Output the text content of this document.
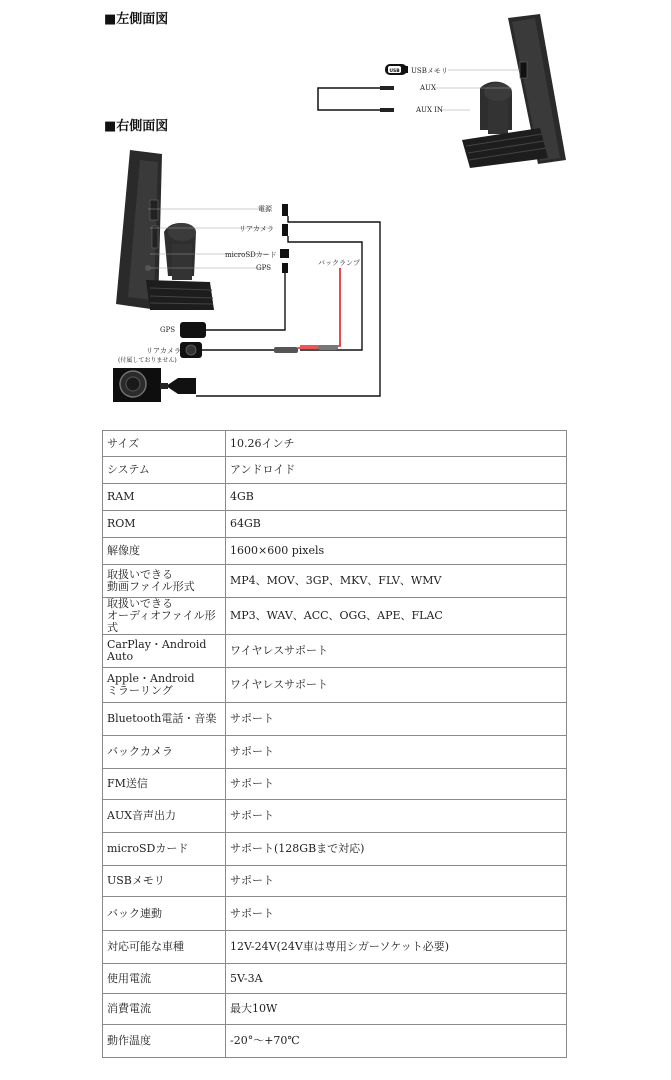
■左側面図
■右側面図
USB USBメモリ
AUX
AUX IN
電源
リアカメラ
microSDカード
GPS
バックランプ
GPS
リアカメラ
(付属しておりません)
サイズ	10.26インチ
システム	アンドロイド
RAM	4GB
ROM	64GB
解像度	1600×600 pixels
取扱いできる
動画ファイル形式	MP4、MOV、3GP、MKV、FLV、WMV
取扱いできる
オーディオファイル形式	MP3、WAV、ACC、OGG、APE、FLAC
CarPlay・Android Auto	ワイヤレスサポート
Apple・Android
ミラーリング	ワイヤレスサポート
Bluetooth電話・音楽	サポート
バックカメラ	サポート
FM送信	サポート
AUX音声出力	サポート
microSDカード	サポート(128GBまで対応)
USBメモリ	サポート
バック連動	サポート
対応可能な車種	12V-24V(24V車は専用シガーソケット必要)
使用電流	5V-3A
消費電流	最大10W
動作温度	-20°～+70℃
